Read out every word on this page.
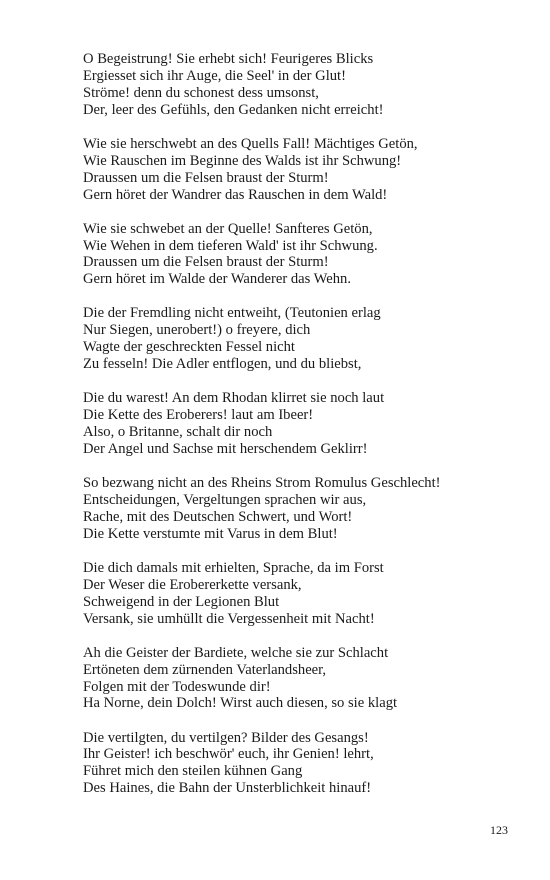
O Begeistrung! Sie erhebt sich! Feurigeres Blicks
Ergiesset sich ihr Auge, die Seel' in der Glut!
Ströme! denn du schonest dess umsonst,
Der, leer des Gefühls, den Gedanken nicht erreicht!
Wie sie herschwebt an des Quells Fall! Mächtiges Getön,
Wie Rauschen im Beginne des Walds ist ihr Schwung!
Draussen um die Felsen braust der Sturm!
Gern höret der Wandrer das Rauschen in dem Wald!
Wie sie schwebet an der Quelle! Sanfteres Getön,
Wie Wehen in dem tieferen Wald' ist ihr Schwung.
Draussen um die Felsen braust der Sturm!
Gern höret im Walde der Wanderer das Wehn.
Die der Fremdling nicht entweiht, (Teutonien erlag
Nur Siegen, unerobert!) o freyere, dich
Wagte der geschreckten Fessel nicht
Zu fesseln! Die Adler entflogen, und du bliebst,
Die du warest! An dem Rhodan klirret sie noch laut
Die Kette des Eroberers! laut am Ibeer!
Also, o Britanne, schalt dir noch
Der Angel und Sachse mit herschendem Geklirr!
So bezwang nicht an des Rheins Strom Romulus Geschlecht!
Entscheidungen, Vergeltungen sprachen wir aus,
Rache, mit des Deutschen Schwert, und Wort!
Die Kette verstumte mit Varus in dem Blut!
Die dich damals mit erhielten, Sprache, da im Forst
Der Weser die Erobererkette versank,
Schweigend in der Legionen Blut
Versank, sie umhüllt die Vergessenheit mit Nacht!
Ah die Geister der Bardiete, welche sie zur Schlacht
Ertöneten dem zürnenden Vaterlandsheer,
Folgen mit der Todeswunde dir!
Ha Norne, dein Dolch! Wirst auch diesen, so sie klagt
Die vertilgten, du vertilgen? Bilder des Gesangs!
Ihr Geister! ich beschwör' euch, ihr Genien! lehrt,
Führet mich den steilen kühnen Gang
Des Haines, die Bahn der Unsterblichkeit hinauf!
123
